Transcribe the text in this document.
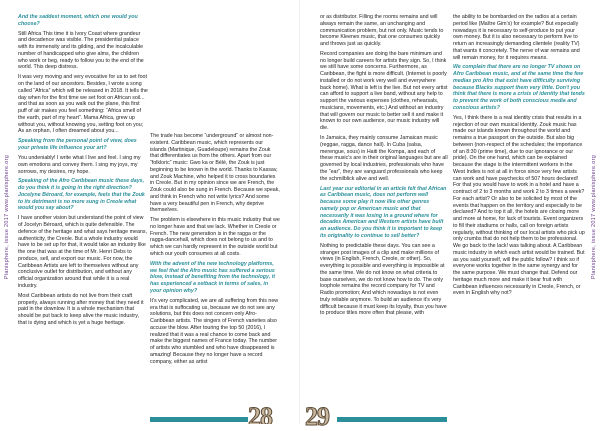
Planisphere, issue 2017 www.planisphere.org

And the saddest moment, which one would you choose?

Still Africa This time it is Ivory Coast where grandeur and decadence was visible. The presidential palace with its immensity and its gilding, and the incalculable number of handicapped who give alms, the children who work or beg, ready to follow you to the end of the world. This deep distress.

It was very moving and very evocative for us to set foot on the land of our ancestors. Besides, I wrote a song called “Africa” which will be released in 2018. It tells the day when for the first time we set foot on African soil... and that as soon as you walk out the plane, this first puff of air makes you feel something: “Africa smell of the earth, part of my heart”. Mama Africa, grew up without you, without knowing you, setting foot on you; As an orphan, I often dreamed about you...

Speaking from the personal point of view, does your private life influence your art?

You undeniably! I write what I live and feel. I sing my own emotions and convey them. I sing my joys, my sorrows, my desires, my hope.

Speaking of the Afro Caribbean music these days, do you think it is going in the right direction? Jocelyne Béroard, for example, feels that the Zouk to its detriment is no more sung in Creole what would you say about?

I have another vision but understand the point of view of Jocelyn Béroard, which is quite defensible. The defence of the heritage and what says heritage means, authenticity, the Creole. But a whole industry would have to be set up for that, it would take an industry like the one that was at the time of Mr. Henri Debs to produce, sell, and export our music. For now, the Caribbean Artists are left to themselves without any conclusive outlet for distribution, and without any official organization around that while it is a real industry.

Most Caribbean artists do not live from their craft properly, always running after money that they need it paid in the downlow. It is a whole mechanism that should be put back to keep alive the music industry, that is dying and which is yet a huge heritage.

The trade has become “underground” or almost non-existent. Caribbean music, which represents our islands (Martinique, Guadeloupe) remains the Zouk that differentiates us from the others. Apart from our “folkloric” music: Gwo ka or Bèlè, the Zouk is just beginning to be known in the world. Thanks to Kassav, and Zouk Machine, who helped it to cross boundaries in Creole. But in my opinion since we are French, the Zouk could also be sung in French. Because we speak, and think in French who not write lyrics? And some have a very beautiful pen in French, why deprive themselves.

The problem is elsewhere in this music industry that we no longer have and that we lack. Whether in Creole or French. The new generation is in the ragga or the ragga-dancehall, which does not belong to us and to which we can hardly represent in the outside world but which our youth consumes at all costs.

With the advent of the new technology platforms, we feel that the Afro music has suffered a serious blow, instead of benefiting from the technology, it has experienced a setback in terms of sales, in your opinion why?

It's very complicated, we are all suffering from this new era that is suffocating us, because we do not see any solutions, but this does not concern only Afro-Caribbean artists. The singers of French varieties also accuse the blow. After touring the top 50 (2016), I realized that it was a real chance to come back and make the biggest names of France today. The number of artists who stumbled and who have disappeared is amazing! Because they no longer have a record company, either as artist

28

or as distributor. Filling the rooms remains and will always remain the same, an unchanging and communication problem, but not only. Music tends to become Kleenex music, that one consumes quickly and throws just as quickly.

Record companies are doing the bare minimum and no longer build careers for artists they sign. So, I think we still have some concerns. Furthermore, as Caribbean, the fight is more difficult. (Internet is poorly installed or do not work very well and everywhere back home). What is left is the live. But not every artist can afford to support a live band, without any help to support the various expenses (clothes, rehearsals, musicians, movements, etc.) And without an industry that will govern our music to better sell it and make it known to our own audience, our music industry will die.

In Jamaica, they mainly consume Jamaican music (reggae, ragga, dance hall). In Cuba (salsa, merengue, sous) in Haiti the Kompa, and each of these music's are in their original languages but are all governed by local industries, professionals who have the “ear”, they are vanguard professionals who keep the schmilblick alive and well.

Last year our editorial in an article felt that African as Caribbean music, does not perform well because some play it now like other genres namely pop or American music and that necessarily it was losing in a ground where for decades American and Western artists have built an audience. Do you think it is important to keep its originality to continue to sell better?

Nothing to predictable these days. You can see a stranger post images of a clip and make millions of views (in English, French, Creole, or other). So, everything is possible and everything is impossible at the same time. We do not know on what criteria to base ourselves, we do not know how to do. The only loophole remains the record company for TV and Radio promotion; And which nowadays is not even truly reliable anymore. To build an audience it's very difficult because it must keep its loyalty, thus you have to produce titles more often that please, with

the ability to be bombarded on the radios at a certain period like (Maître Gim's) for example? But especially nowadays it is necessary to self-produce to put your own money. But it is also necessary to perform live to return an increasingly demanding clientele (reality TV) that wants it concretely. The nerve of war remains and will remain money, for it requires means.

We complain that there are no longer TV shows on Afro Caribbean music, and at the same time the few medias pro Afro that exist have difficulty surviving because Blacks support them very little. Don't you think that there is more a crisis of identity that tends to prevent the work of both conscious media and conscious artists?

Yes, I think there is a real identity crisis that results in a rejection of our own musical identity. Zouk music has made our islands known throughout the world and remains a true passport on the outside. But also big between (non-respect of the schedules; the importance of an 8:30 (prime time), due to our ignorance or our pride). On the one hand, which can be explained because the stage is the intermittent workers in the West Indies is not at all in force since very few artists can work and have paychecks of 507 hours declared! For that you would have to work in a hotel and have a contract of 2 to 3 months and work 2 to 3 times a week? For each artist? Or also to be solicited by most of the events that happen on the territory and especially to be declared? And to top it all, the hotels are closing more and more at home, for lack of tourists. Event organizers to fill their stadiums or halls, call on foreign artists regularly, without thinking of our local artists who pick up only crumbs that do not help them to be professional. We go back to the lack! was talking about. A Caribbean music industry in which each artist would be trained. But as you said yourself, will the public follow? I think so if everyone works together in the same synergy and for the same purpose. We must change that. Defend our heritage much more and make it bear fruit with Caribbean influences necessarily in Creole, French, or even in English why not?

29
Planisphere, issue 2017 www.planisphere.org
